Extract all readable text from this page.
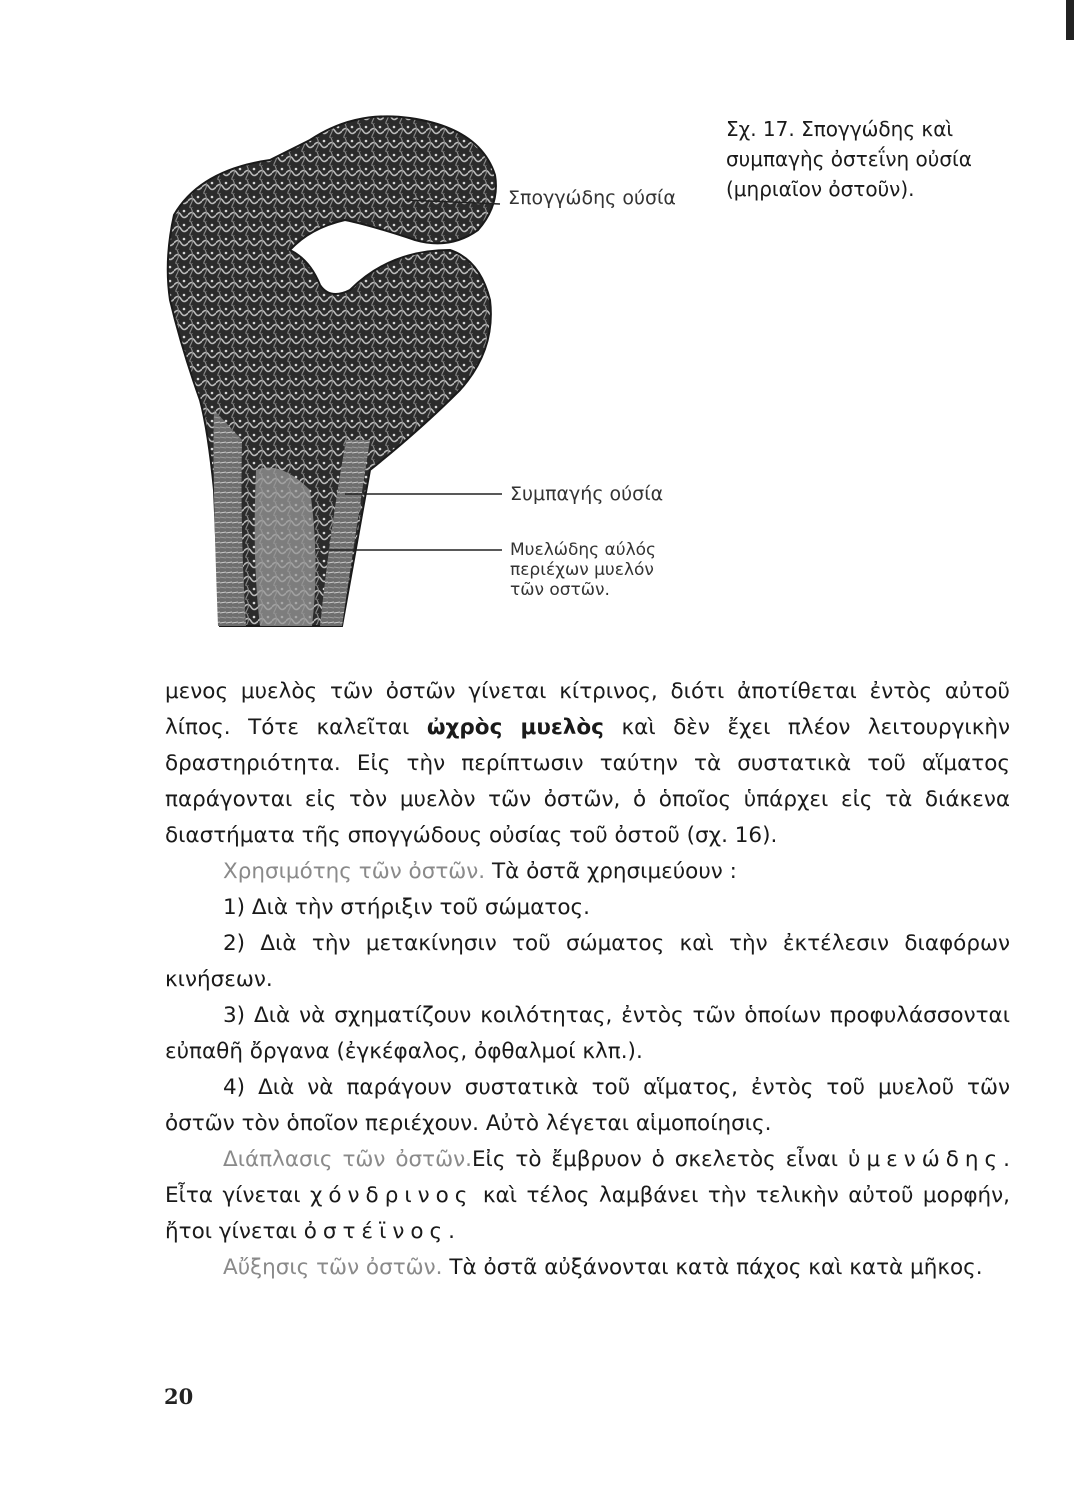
Σπογγώδης ούσία
Συμπαγής ούσία
Μυελώδης αύλός
περιέχων μυελόν
τῶν οστῶν.
Σχ. 17. Σπογγώδης καὶ συμπαγὴς ὀστεΐνη οὐσία (μηριαῖον ὀστοῦν).

μενος μυελὸς τῶν ὀστῶν γίνεται κίτρινος, διότι ἀποτίθεται ἐντὸς αὐτοῦ λίπος. Τότε καλεῖται ὠχρὸς μυελὸς καὶ δὲν ἔχει πλέον λειτουργικὴν δραστηριότητα. Εἰς τὴν περίπτωσιν ταύτην τὰ συστατικὰ τοῦ αἵματος παράγονται εἰς τὸν μυελὸν τῶν ὀστῶν, ὁ ὁποῖος ὑπάρχει εἰς τὰ διάκενα διαστήματα τῆς σπογγώδους οὐσίας τοῦ ὀστοῦ (σχ. 16).

Χρησιμότης τῶν ὀστῶν. Τὰ ὀστᾶ χρησιμεύουν :

1) Διὰ τὴν στήριξιν τοῦ σώματος.

2) Διὰ τὴν μετακίνησιν τοῦ σώματος καὶ τὴν ἐκτέλεσιν διαφόρων κινήσεων.

3) Διὰ νὰ σχηματίζουν κοιλότητας, ἐντὸς τῶν ὁποίων προφυλάσσονται εὐπαθῆ ὄργανα (ἐγκέφαλος, ὀφθαλμοί κλπ.).

4) Διὰ νὰ παράγουν συστατικὰ τοῦ αἵματος, ἐντὸς τοῦ μυελοῦ τῶν ὀστῶν τὸν ὁποῖον περιέχουν. Αὐτὸ λέγεται αἱμοποίησις.

Διάπλασις τῶν ὀστῶν.Εἰς τὸ ἔμβρυον ὁ σκελετὸς εἶναι ὑμενώδης. Εἶτα γίνεται χόνδρινος καὶ τέλος λαμβάνει τὴν τελικὴν αὐτοῦ μορφήν, ἤτοι γίνεται ὀστέϊνος.

Αὔξησις τῶν ὀστῶν. Τὰ ὀστᾶ αὐξάνονται κατὰ πάχος καὶ κατὰ μῆκος.

20
